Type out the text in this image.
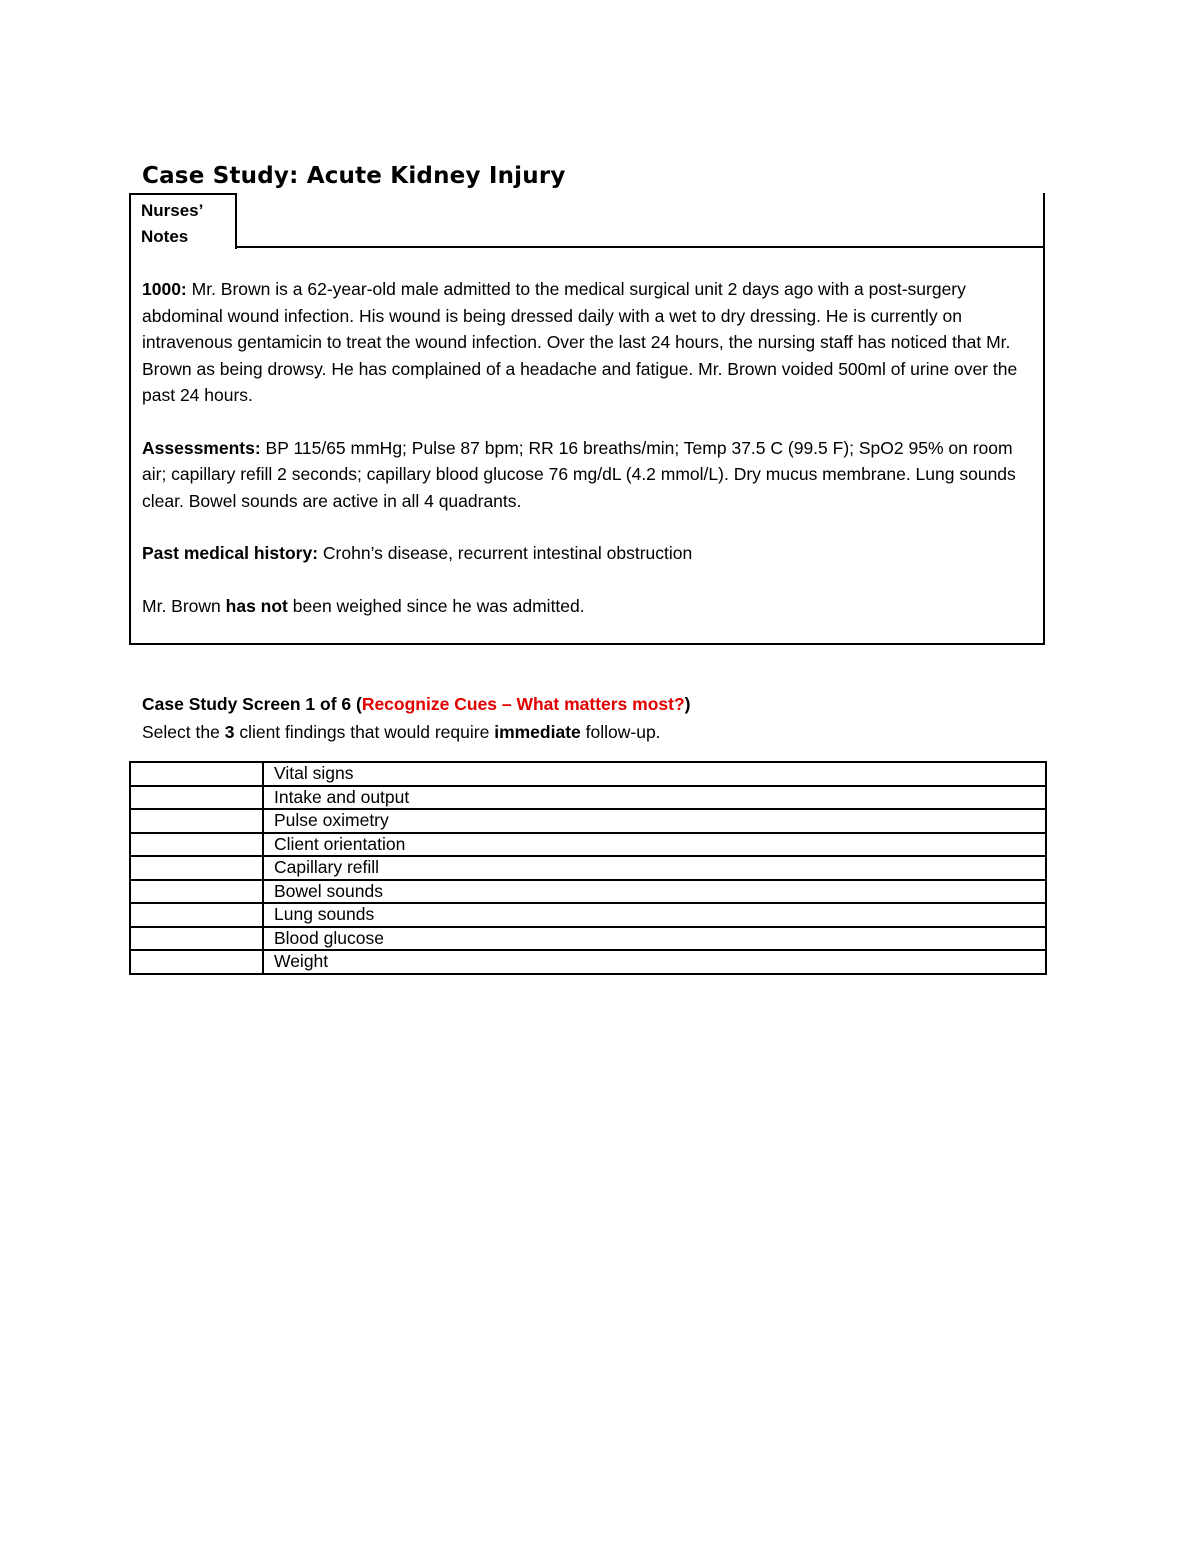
Case Study: Acute Kidney Injury
Nurses’
Notes

1000: Mr. Brown is a 62-year-old male admitted to the medical surgical unit 2 days ago with a post-surgery abdominal wound infection. His wound is being dressed daily with a wet to dry dressing. He is currently on intravenous gentamicin to treat the wound infection. Over the last 24 hours, the nursing staff has noticed that Mr. Brown as being drowsy. He has complained of a headache and fatigue. Mr. Brown voided 500ml of urine over the past 24 hours.

Assessments: BP 115/65 mmHg; Pulse 87 bpm; RR 16 breaths/min; Temp 37.5 C (99.5 F); SpO2 95% on room air; capillary refill 2 seconds; capillary blood glucose 76 mg/dL (4.2 mmol/L). Dry mucus membrane. Lung sounds clear. Bowel sounds are active in all 4 quadrants.

Past medical history: Crohn’s disease, recurrent intestinal obstruction

Mr. Brown has not been weighed since he was admitted.

Case Study Screen 1 of 6 (Recognize Cues – What matters most?)
Select the 3 client findings that would require immediate follow-up.
	Vital signs
	Intake and output
	Pulse oximetry
	Client orientation
	Capillary refill
	Bowel sounds
	Lung sounds
	Blood glucose
	Weight
